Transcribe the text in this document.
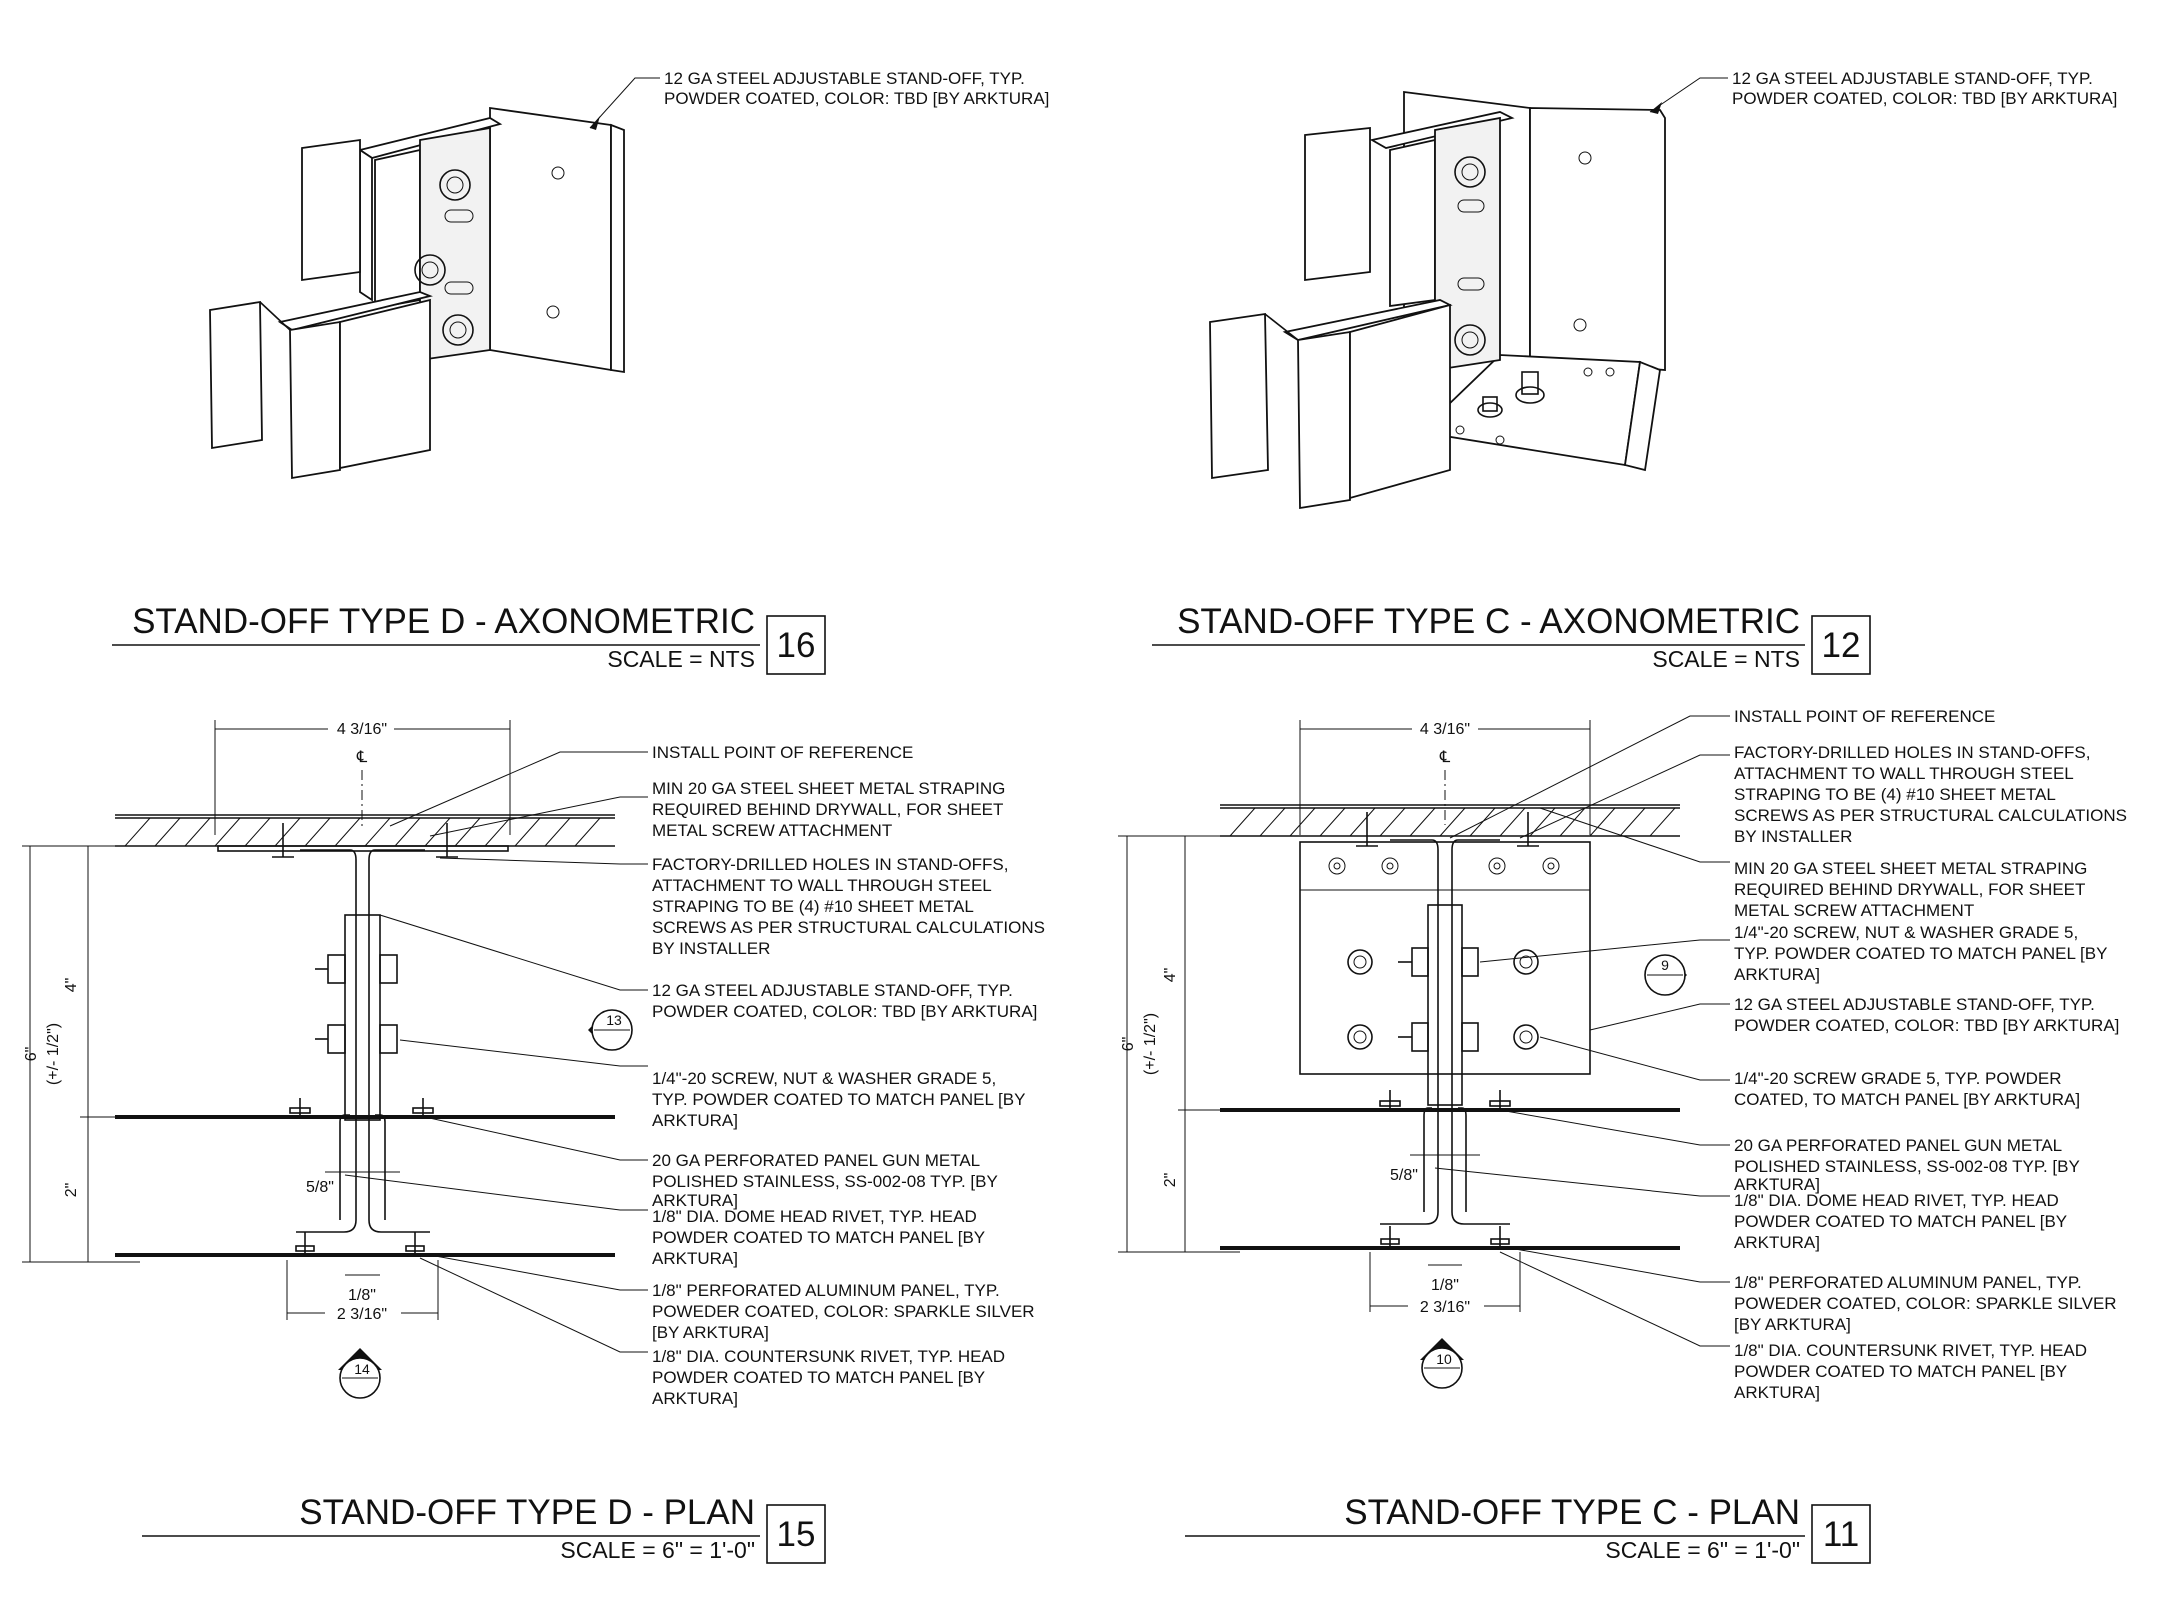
12 GA STEEL ADJUSTABLE STAND-OFF, TYP.
POWDER COATED, COLOR: TBD [BY ARKTURA]
STAND-OFF TYPE D - AXONOMETRIC
SCALE = NTS 16
12 GA STEEL ADJUSTABLE STAND-OFF, TYP.
POWDER COATED, COLOR: TBD [BY ARKTURA]
STAND-OFF TYPE C - AXONOMETRIC
SCALE = NTS 12
4 3/16"
℄
4"
2"
6" (+/- 1/2")
5/8"
1/8"
2 3/16"
13
14
INSTALL POINT OF REFERENCE
MIN 20 GA STEEL SHEET METAL STRAPING
REQUIRED BEHIND DRYWALL, FOR SHEET
METAL SCREW ATTACHMENT
FACTORY-DRILLED HOLES IN STAND-OFFS,
ATTACHMENT TO WALL THROUGH STEEL
STRAPING TO BE (4) #10 SHEET METAL
SCREWS AS PER STRUCTURAL CALCULATIONS
BY INSTALLER
12 GA STEEL ADJUSTABLE STAND-OFF, TYP.
POWDER COATED, COLOR: TBD [BY ARKTURA]
1/4"-20 SCREW, NUT & WASHER GRADE 5,
TYP. POWDER COATED TO MATCH PANEL [BY
ARKTURA]
20 GA PERFORATED PANEL GUN METAL
POLISHED STAINLESS, SS-002-08 TYP. [BY
ARKTURA]
1/8" DIA. DOME HEAD RIVET, TYP. HEAD
POWDER COATED TO MATCH PANEL [BY
ARKTURA]
1/8" PERFORATED ALUMINUM PANEL, TYP.
POWEDER COATED, COLOR: SPARKLE SILVER
[BY ARKTURA]
1/8" DIA. COUNTERSUNK RIVET, TYP. HEAD
POWDER COATED TO MATCH PANEL [BY
ARKTURA]
STAND-OFF TYPE D - PLAN
SCALE = 6" = 1'-0" 15
4 3/16"
℄
4"
2"
6" (+/- 1/2")
5/8"
1/8"
2 3/16"
9
10
INSTALL POINT OF REFERENCE
FACTORY-DRILLED HOLES IN STAND-OFFS,
ATTACHMENT TO WALL THROUGH STEEL
STRAPING TO BE (4) #10 SHEET METAL
SCREWS AS PER STRUCTURAL CALCULATIONS
BY INSTALLER
MIN 20 GA STEEL SHEET METAL STRAPING
REQUIRED BEHIND DRYWALL, FOR SHEET
METAL SCREW ATTACHMENT
1/4"-20 SCREW, NUT & WASHER GRADE 5,
TYP. POWDER COATED TO MATCH PANEL [BY
ARKTURA]
12 GA STEEL ADJUSTABLE STAND-OFF, TYP.
POWDER COATED, COLOR: TBD [BY ARKTURA]
1/4"-20 SCREW GRADE 5, TYP. POWDER
COATED, TO MATCH PANEL [BY ARKTURA]
20 GA PERFORATED PANEL GUN METAL
POLISHED STAINLESS, SS-002-08 TYP. [BY
ARKTURA]
1/8" DIA. DOME HEAD RIVET, TYP. HEAD
POWDER COATED TO MATCH PANEL [BY
ARKTURA]
1/8" PERFORATED ALUMINUM PANEL, TYP.
POWEDER COATED, COLOR: SPARKLE SILVER
[BY ARKTURA]
1/8" DIA. COUNTERSUNK RIVET, TYP. HEAD
POWDER COATED TO MATCH PANEL [BY
ARKTURA]
STAND-OFF TYPE C - PLAN
SCALE = 6" = 1'-0" 11
